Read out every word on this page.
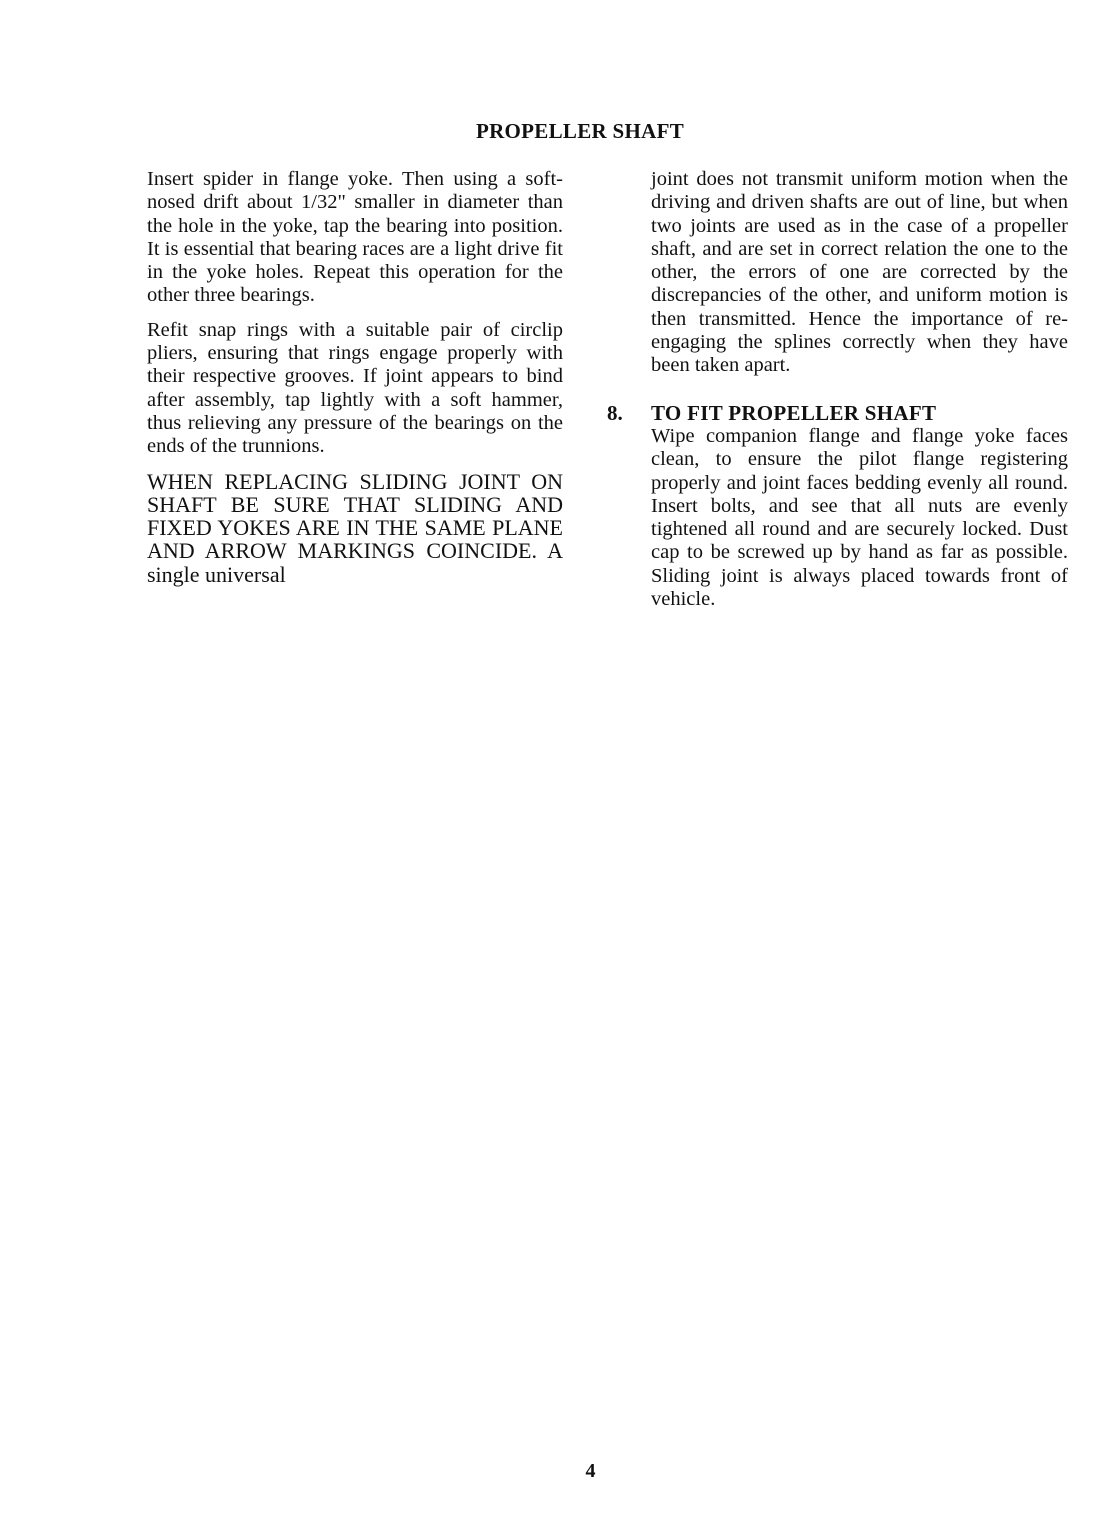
PROPELLER SHAFT

Insert spider in flange yoke. Then using a soft-nosed drift about 1/32" smaller in diameter than the hole in the yoke, tap the bearing into position. It is essential that bearing races are a light drive fit in the yoke holes. Repeat this operation for the other three bearings.

Refit snap rings with a suitable pair of circlip pliers, ensuring that rings engage properly with their respective grooves. If joint appears to bind after assembly, tap lightly with a soft hammer, thus relieving any pressure of the bearings on the ends of the trunnions.

WHEN REPLACING SLIDING JOINT ON SHAFT BE SURE THAT SLIDING AND FIXED YOKES ARE IN THE SAME PLANE AND ARROW MARKINGS COINCIDE. A single universal

joint does not transmit uniform motion when the driving and driven shafts are out of line, but when two joints are used as in the case of a propeller shaft, and are set in correct relation the one to the other, the errors of one are corrected by the discrepancies of the other, and uniform motion is then transmitted. Hence the importance of re-engaging the splines correctly when they have been taken apart.

8. TO FIT PROPELLER SHAFT

Wipe companion flange and flange yoke faces clean, to ensure the pilot flange registering properly and joint faces bedding evenly all round. Insert bolts, and see that all nuts are evenly tightened all round and are securely locked. Dust cap to be screwed up by hand as far as possible. Sliding joint is always placed towards front of vehicle.

4
